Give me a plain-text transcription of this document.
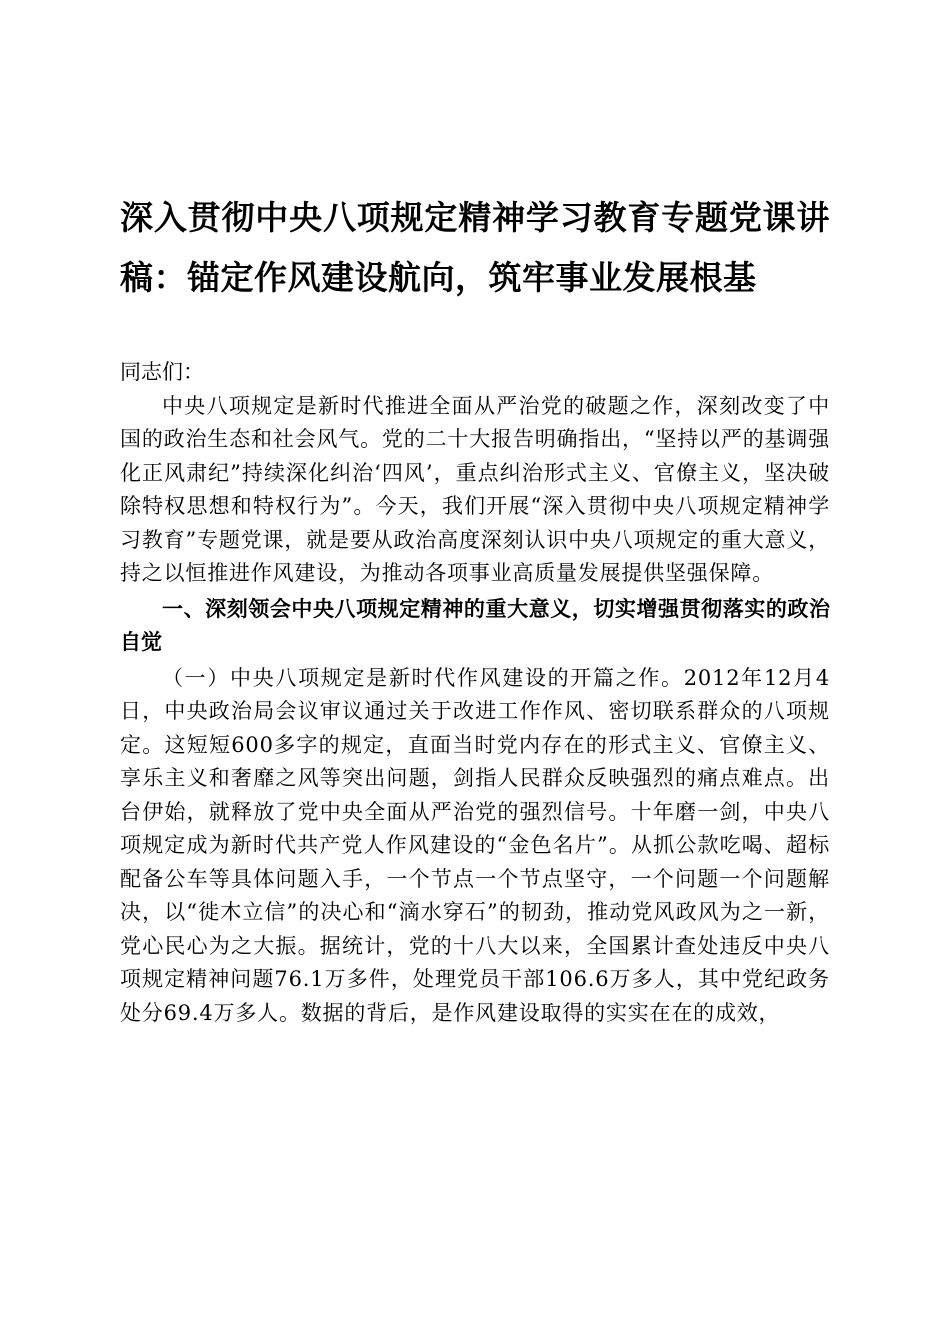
深入贯彻中央八项规定精神学习教育专题党课讲稿：锚定作风建设航向，筑牢事业发展根基

同志们：

中央八项规定是新时代推进全面从严治党的破题之作，深刻改变了中国的政治生态和社会风气。党的二十大报告明确指出，“坚持以严的基调强化正风肃纪”持续深化纠治‘四风’，重点纠治形式主义、官僚主义，坚决破除特权思想和特权行为”。今天，我们开展“深入贯彻中央八项规定精神学习教育”专题党课，就是要从政治高度深刻认识中央八项规定的重大意义，持之以恒推进作风建设，为推动各项事业高质量发展提供坚强保障。

一、深刻领会中央八项规定精神的重大意义，切实增强贯彻落实的政治自觉

（一）中央八项规定是新时代作风建设的开篇之作。2012年12月4日，中央政治局会议审议通过关于改进工作作风、密切联系群众的八项规定。这短短600多字的规定，直面当时党内存在的形式主义、官僚主义、享乐主义和奢靡之风等突出问题，剑指人民群众反映强烈的痛点难点。出台伊始，就释放了党中央全面从严治党的强烈信号。十年磨一剑，中央八项规定成为新时代共产党人作风建设的“金色名片”。从抓公款吃喝、超标配备公车等具体问题入手，一个节点一个节点坚守，一个问题一个问题解决，以“徙木立信”的决心和“滴水穿石”的韧劲，推动党风政风为之一新，党心民心为之大振。据统计，党的十八大以来，全国累计查处违反中央八项规定精神问题76.1万多件，处理党员干部106.6万多人，其中党纪政务处分69.4万多人。数据的背后，是作风建设取得的实实在在的成效，
